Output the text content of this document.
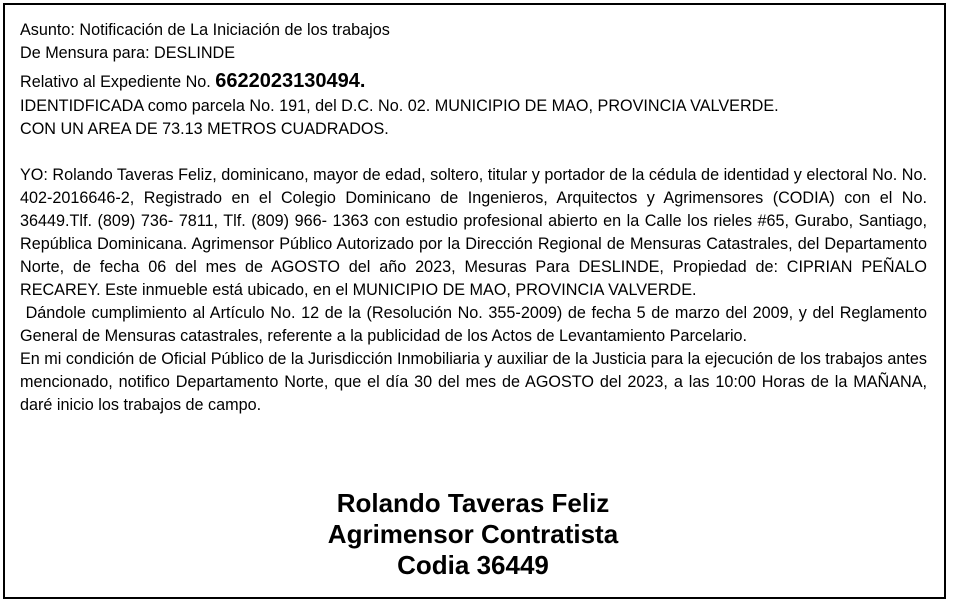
Asunto: Notificación de La Iniciación de los trabajos
De Mensura para: DESLINDE
Relativo al Expediente No. 6622023130494.
IDENTIDFICADA como parcela No. 191, del D.C. No. 02. MUNICIPIO DE MAO, PROVINCIA VALVERDE.
CON UN AREA DE 73.13 METROS CUADRADOS.

YO: Rolando Taveras Feliz, dominicano, mayor de edad, soltero, titular y portador de la cédula de identidad y electoral No. No. 402-2016646-2, Registrado en el Colegio Dominicano de Ingenieros, Arquitectos y Agrimensores (CODIA) con el No. 36449.Tlf. (809) 736- 7811, Tlf. (809) 966- 1363 con estudio profesional abierto en la Calle los rieles #65, Gurabo, Santiago, República Dominicana. Agrimensor Público Autorizado por la Dirección Regional de Mensuras Catastrales, del Departamento Norte, de fecha 06 del mes de AGOSTO del año 2023, Mesuras Para DESLINDE, Propiedad de: CIPRIAN PEÑALO RECAREY. Este inmueble está ubicado, en el MUNICIPIO DE MAO, PROVINCIA VALVERDE.

Dándole cumplimiento al Artículo No. 12 de la (Resolución No. 355-2009) de fecha 5 de marzo del 2009, y del Reglamento General de Mensuras catastrales, referente a la publicidad de los Actos de Levantamiento Parcelario.

En mi condición de Oficial Público de la Jurisdicción Inmobiliaria y auxiliar de la Justicia para la ejecución de los trabajos antes mencionado, notifico Departamento Norte, que el día 30 del mes de AGOSTO del 2023, a las 10:00 Horas de la MAÑANA, daré inicio los trabajos de campo.

Rolando Taveras Feliz
Agrimensor Contratista
Codia 36449
